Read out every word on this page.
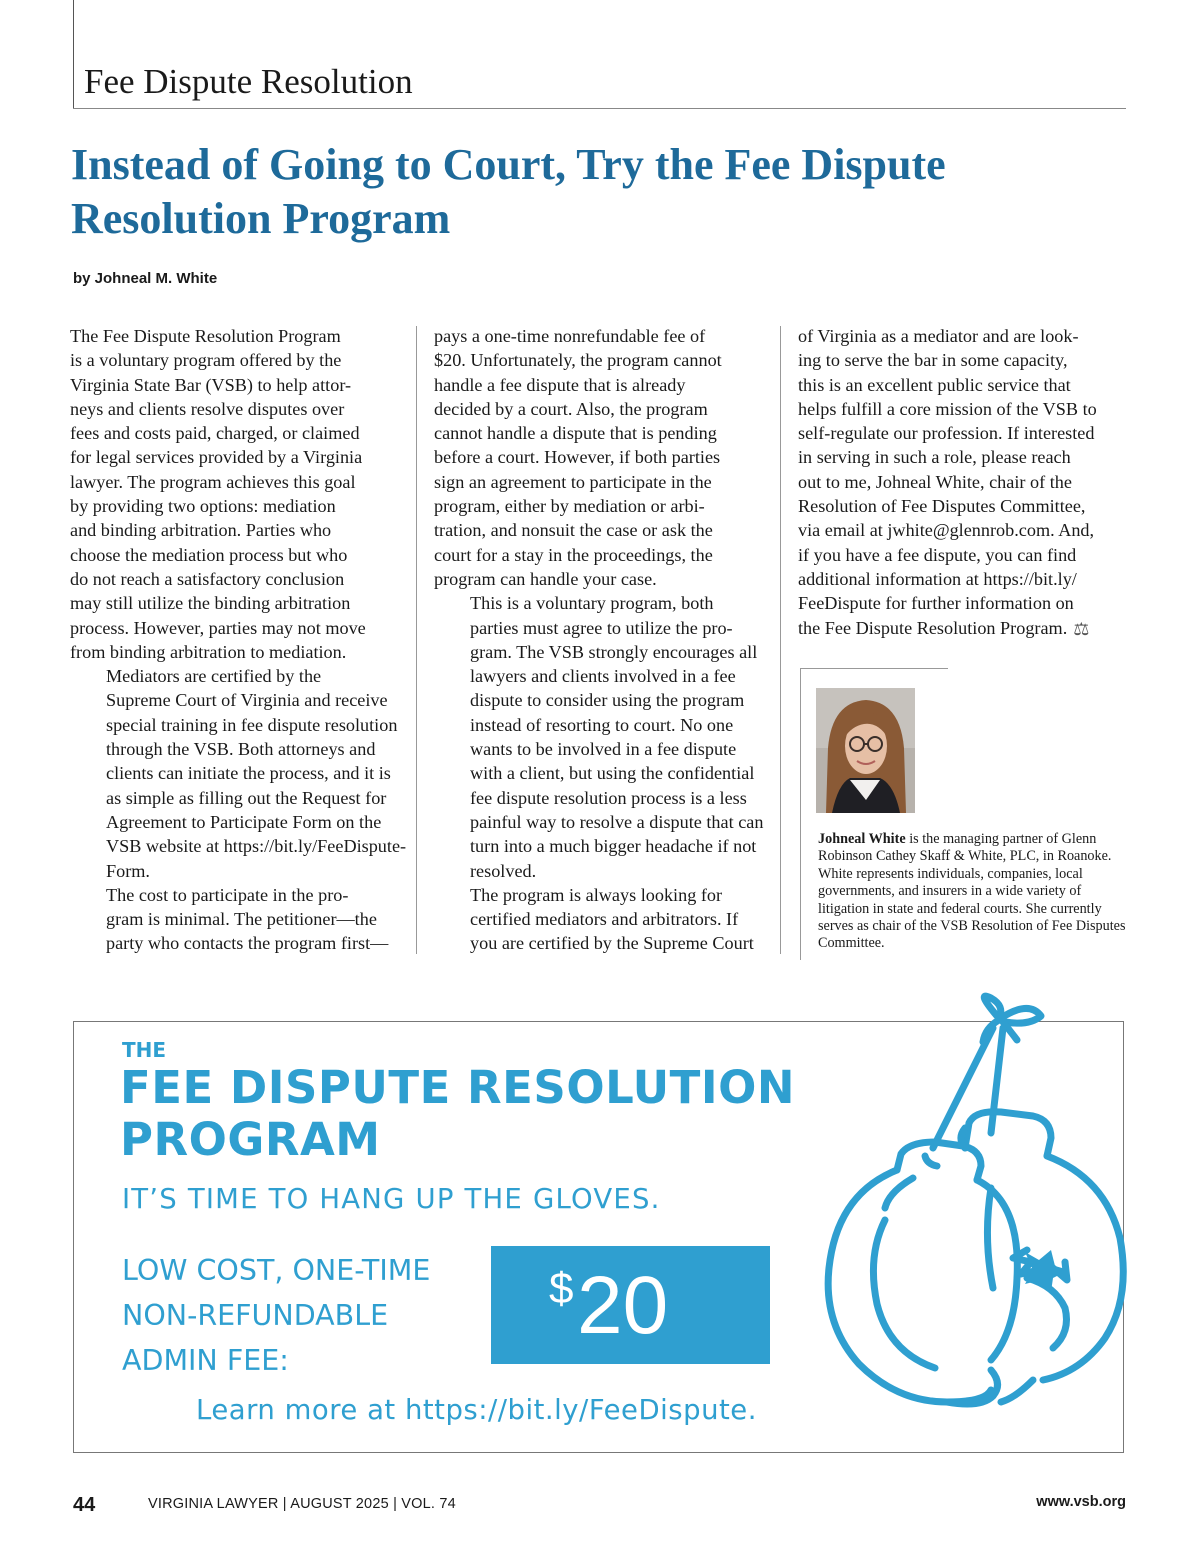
Fee Dispute Resolution
Instead of Going to Court, Try the Fee Dispute
Resolution Program
by Johneal M. White

The Fee Dispute Resolution Program
is a voluntary program offered by the
Virginia State Bar (VSB) to help attor-
neys and clients resolve disputes over
fees and costs paid, charged, or claimed
for legal services provided by a Virginia
lawyer. The program achieves this goal
by providing two options: mediation
and binding arbitration. Parties who
choose the mediation process but who
do not reach a satisfactory conclusion
may still utilize the binding arbitration
process. However, parties may not move
from binding arbitration to mediation.

Mediators are certified by the
Supreme Court of Virginia and receive
special training in fee dispute resolution
through the VSB. Both attorneys and
clients can initiate the process, and it is
as simple as filling out the Request for
Agreement to Participate Form on the
VSB website at https://bit.ly/FeeDispute-
Form.

The cost to participate in the pro-
gram is minimal. The petitioner—the
party who contacts the program first—

pays a one-time nonrefundable fee of
$20. Unfortunately, the program cannot
handle a fee dispute that is already
decided by a court. Also, the program
cannot handle a dispute that is pending
before a court. However, if both parties
sign an agreement to participate in the
program, either by mediation or arbi-
tration, and nonsuit the case or ask the
court for a stay in the proceedings, the
program can handle your case.

This is a voluntary program, both
parties must agree to utilize the pro-
gram. The VSB strongly encourages all
lawyers and clients involved in a fee
dispute to consider using the program
instead of resorting to court. No one
wants to be involved in a fee dispute
with a client, but using the confidential
fee dispute resolution process is a less
painful way to resolve a dispute that can
turn into a much bigger headache if not
resolved.

The program is always looking for
certified mediators and arbitrators. If
you are certified by the Supreme Court

of Virginia as a mediator and are look-
ing to serve the bar in some capacity,
this is an excellent public service that
helps fulfill a core mission of the VSB to
self-regulate our profession. If interested
in serving in such a role, please reach
out to me, Johneal White, chair of the
Resolution of Fee Disputes Committee,
via email at jwhite@glennrob.com. And,
if you have a fee dispute, you can find
additional information at https://bit.ly/
FeeDispute for further information on
the Fee Dispute Resolution Program. ⚖

Johneal White is the managing partner of Glenn Robinson Cathey Skaff & White, PLC, in Roanoke. White represents individuals, companies, local governments, and insurers in a wide variety of litigation in state and federal courts. She currently serves as chair of the VSB Resolution of Fee Disputes Committee.
THE
FEE DISPUTE RESOLUTION
PROGRAM
IT’S TIME TO HANG UP THE GLOVES.
LOW COST, ONE-TIME
NON-REFUNDABLE
ADMIN FEE:
$ 20
Learn more at https://bit.ly/FeeDispute.
44	VIRGINIA LAWYER | AUGUST 2025 | VOL. 74	www.vsb.org
